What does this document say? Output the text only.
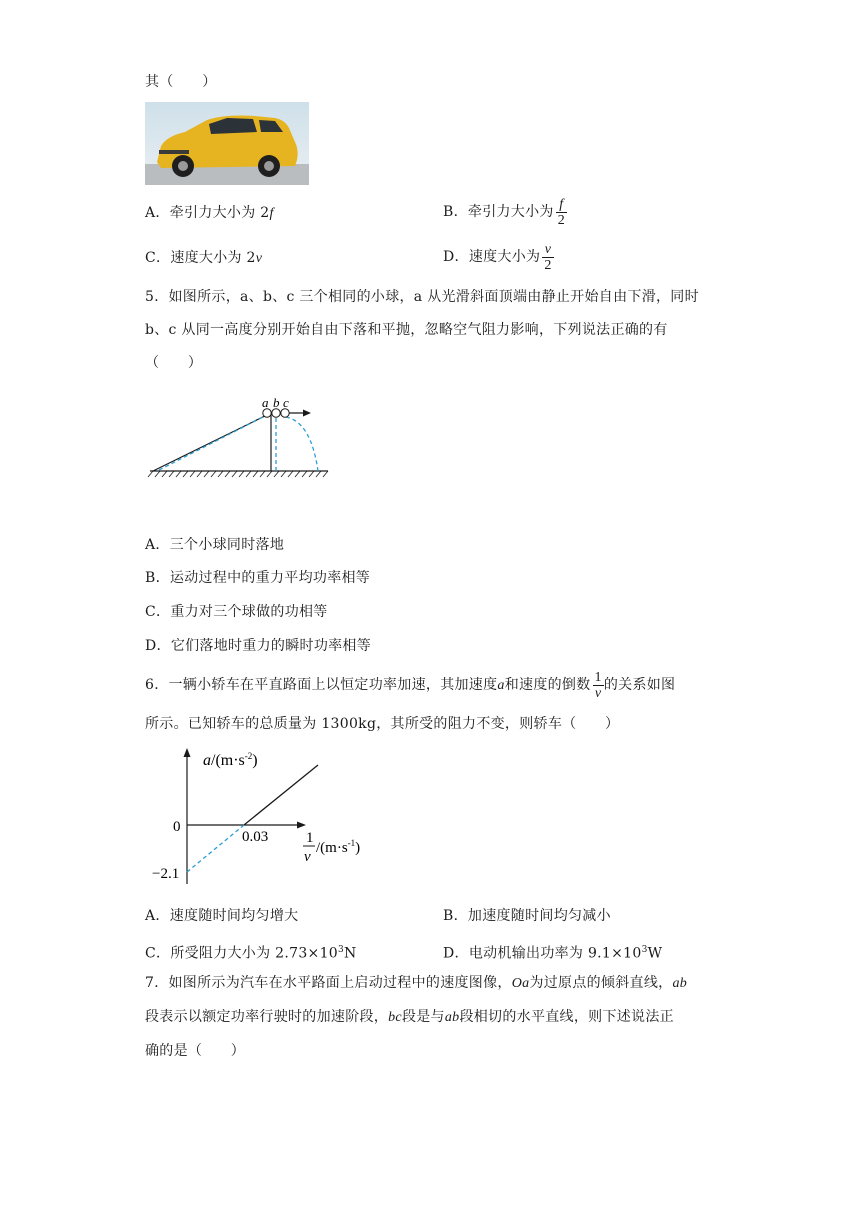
其（　　）
A．牵引力大小为 2f	B．牵引力大小为 $\frac{f}{2}$
C．速度大小为 2v	D．速度大小为 $\frac{v}{2}$
5．如图所示，a、b、c 三个相同的小球，a 从光滑斜面顶端由静止开始自由下滑，同时
b、c 从同一高度分别开始自由下落和平抛，忽略空气阻力影响，下列说法正确的有
（　　）
a b c
A．三个小球同时落地
B．运动过程中的重力平均功率相等
C．重力对三个球做的功相等
D．它们落地时重力的瞬时功率相等
6．一辆小轿车在平直路面上以恒定功率加速，其加速度a和速度的倒数 $\frac{1}{v}$ 的关系如图
所示。已知轿车的总质量为 1300kg，其所受的阻力不变，则轿车（　　）
$a/(m\cdot s^{-2})$
0
0.03
−2.1
1
v
$/(m\cdot s^{-1})$
A．速度随时间均匀增大	B．加速度随时间均匀减小
C．所受阻力大小为 $2.73\times 10^3N$	D．电动机输出功率为 $9.1\times 10^3W$
7．如图所示为汽车在水平路面上启动过程中的速度图像，Oa为过原点的倾斜直线，ab
段表示以额定功率行驶时的加速阶段，bc段是与ab段相切的水平直线，则下述说法正
确的是（　　）
